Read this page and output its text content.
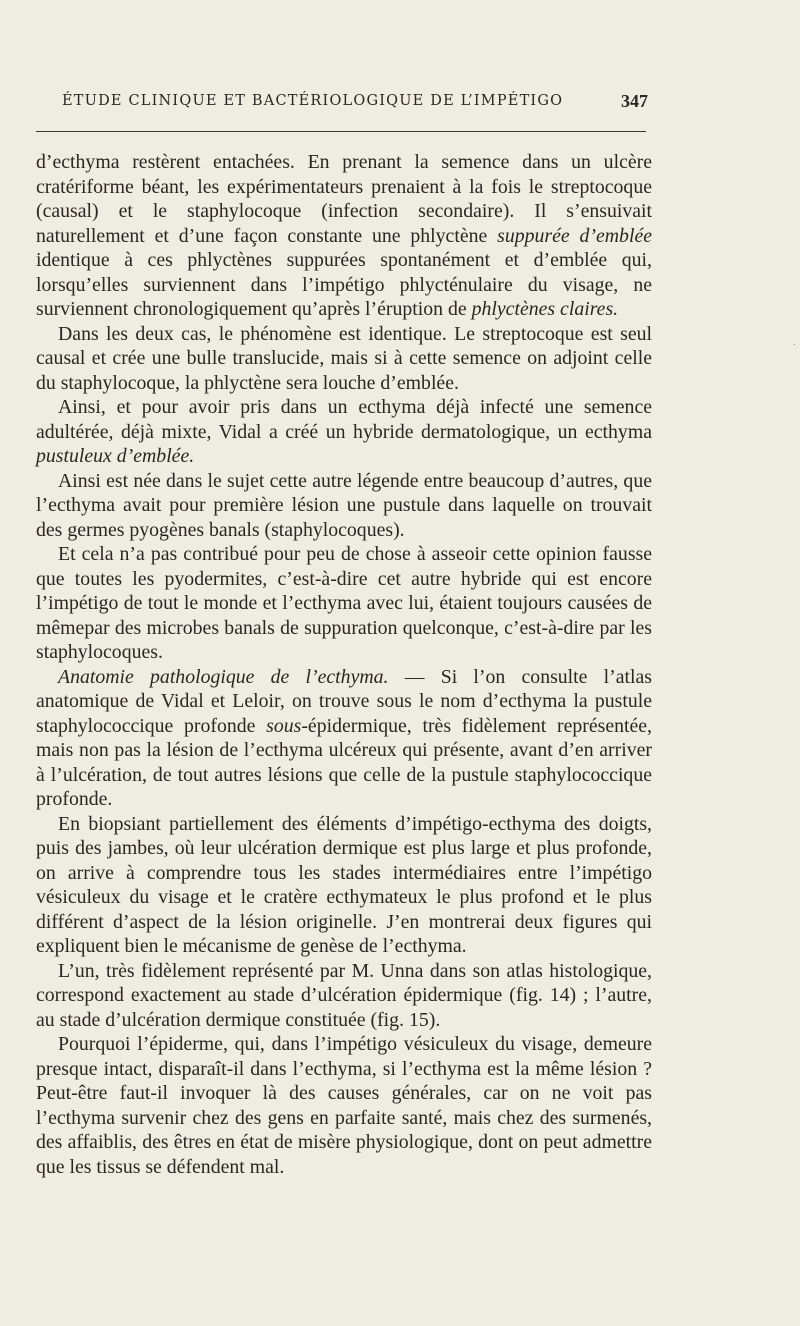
ÉTUDE CLINIQUE ET BACTÉRIOLOGIQUE DE L’IMPÉTIGO	347

d’ecthyma restèrent entachées. En prenant la semence dans un ulcère cratériforme béant, les expérimentateurs prenaient à la fois le streptocoque (causal) et le staphylocoque (infection secondaire). Il s’ensuivait naturellement et d’une façon constante une phlyctène suppurée d’emblée identique à ces phlyctènes suppurées spontanément et d’emblée qui, lorsqu’elles surviennent dans l’impétigo phlycténulaire du visage, ne surviennent chronologiquement qu’après l’éruption de phlyctènes claires.

Dans les deux cas, le phénomène est identique. Le streptocoque est seul causal et crée une bulle translucide, mais si à cette semence on adjoint celle du staphylocoque, la phlyctène sera louche d’emblée.

Ainsi, et pour avoir pris dans un ecthyma déjà infecté une semence adultérée, déjà mixte, Vidal a créé un hybride dermatologique, un ecthyma pustuleux d’emblée.

Ainsi est née dans le sujet cette autre légende entre beaucoup d’autres, que l’ecthyma avait pour première lésion une pustule dans laquelle on trouvait des germes pyogènes banals (staphylocoques).

Et cela n’a pas contribué pour peu de chose à asseoir cette opinion fausse que toutes les pyodermites, c’est-à-dire cet autre hybride qui est encore l’impétigo de tout le monde et l’ecthyma avec lui, étaient toujours causées de mêmepar des microbes banals de suppuration quelconque, c’est-à-dire par les staphylocoques.

Anatomie pathologique de l’ecthyma. — Si l’on consulte l’atlas anatomique de Vidal et Leloir, on trouve sous le nom d’ecthyma la pustule staphylococcique profonde sous-épidermique, très fidèlement représentée, mais non pas la lésion de l’ecthyma ulcéreux qui présente, avant d’en arriver à l’ulcération, de tout autres lésions que celle de la pustule staphylococcique profonde.

En biopsiant partiellement des éléments d’impétigo-ecthyma des doigts, puis des jambes, où leur ulcération dermique est plus large et plus profonde, on arrive à comprendre tous les stades intermédiaires entre l’impétigo vésiculeux du visage et le cratère ecthymateux le plus profond et le plus différent d’aspect de la lésion originelle. J’en montrerai deux figures qui expliquent bien le mécanisme de genèse de l’ecthyma.

L’un, très fidèlement représenté par M. Unna dans son atlas histologique, correspond exactement au stade d’ulcération épidermique (fig. 14) ; l’autre, au stade d’ulcération dermique constituée (fig. 15).

Pourquoi l’épiderme, qui, dans l’impétigo vésiculeux du visage, demeure presque intact, disparaît-il dans l’ecthyma, si l’ecthyma est la même lésion ? Peut-être faut-il invoquer là des causes générales, car on ne voit pas l’ecthyma survenir chez des gens en parfaite santé, mais chez des surmenés, des affaiblis, des êtres en état de misère physiologique, dont on peut admettre que les tissus se défendent mal.

·
